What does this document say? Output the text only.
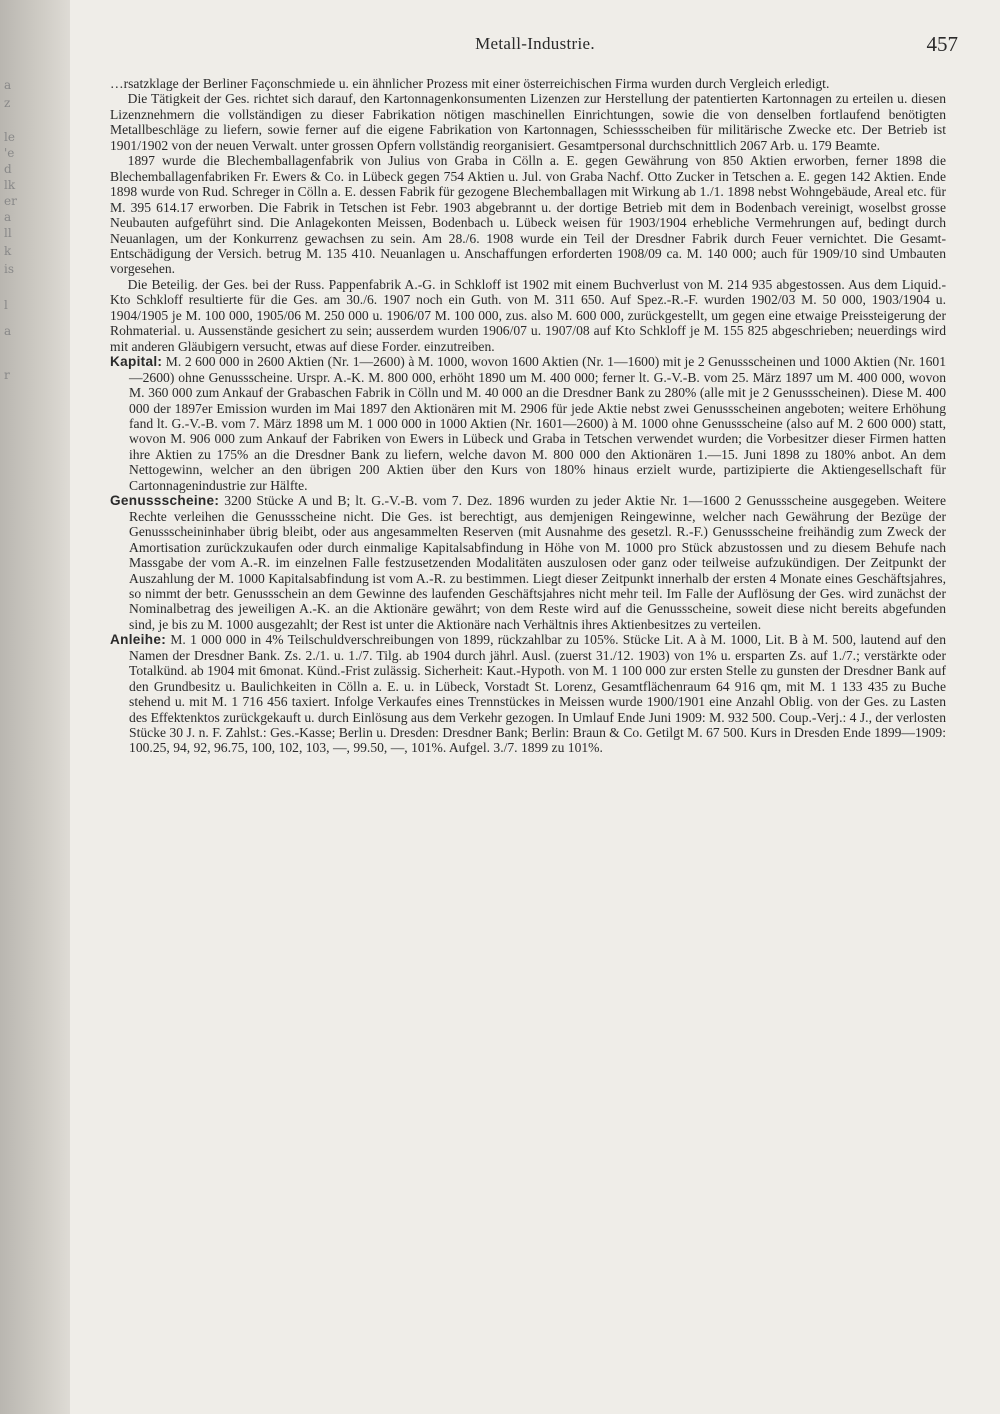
a
z
le
'e
d
lk
er
a
ll
k
is
l
a
r
Metall-Industrie.	457

…rsatzklage der Berliner Façonschmiede u. ein ähnlicher Prozess mit einer österreichischen Firma wurden durch Vergleich erledigt.

Die Tätigkeit der Ges. richtet sich darauf, den Kartonnagenkonsumenten Lizenzen zur Herstellung der patentierten Kartonnagen zu erteilen u. diesen Lizenznehmern die vollständigen zu dieser Fabrikation nötigen maschinellen Einrichtungen, sowie die von denselben fortlaufend benötigten Metallbeschläge zu liefern, sowie ferner auf die eigene Fabrikation von Kartonnagen, Schiessscheiben für militärische Zwecke etc. Der Betrieb ist 1901/1902 von der neuen Verwalt. unter grossen Opfern vollständig reorganisiert. Gesamtpersonal durchschnittlich 2067 Arb. u. 179 Beamte.

1897 wurde die Blechemballagenfabrik von Julius von Graba in Cölln a. E. gegen Gewährung von 850 Aktien erworben, ferner 1898 die Blechemballagenfabriken Fr. Ewers & Co. in Lübeck gegen 754 Aktien u. Jul. von Graba Nachf. Otto Zucker in Tetschen a. E. gegen 142 Aktien. Ende 1898 wurde von Rud. Schreger in Cölln a. E. dessen Fabrik für gezogene Blechemballagen mit Wirkung ab 1./1. 1898 nebst Wohngebäude, Areal etc. für M. 395 614.17 erworben. Die Fabrik in Tetschen ist Febr. 1903 abgebrannt u. der dortige Betrieb mit dem in Bodenbach vereinigt, woselbst grosse Neubauten aufgeführt sind. Die Anlagekonten Meissen, Bodenbach u. Lübeck weisen für 1903/1904 erhebliche Vermehrungen auf, bedingt durch Neuanlagen, um der Konkurrenz gewachsen zu sein. Am 28./6. 1908 wurde ein Teil der Dresdner Fabrik durch Feuer vernichtet. Die Gesamt-Entschädigung der Versich. betrug M. 135 410. Neuanlagen u. Anschaffungen erforderten 1908/09 ca. M. 140 000; auch für 1909/10 sind Umbauten vorgesehen.

Die Beteilig. der Ges. bei der Russ. Pappenfabrik A.-G. in Schkloff ist 1902 mit einem Buchverlust von M. 214 935 abgestossen. Aus dem Liquid.-Kto Schkloff resultierte für die Ges. am 30./6. 1907 noch ein Guth. von M. 311 650. Auf Spez.-R.-F. wurden 1902/03 M. 50 000, 1903/1904 u. 1904/1905 je M. 100 000, 1905/06 M. 250 000 u. 1906/07 M. 100 000, zus. also M. 600 000, zurückgestellt, um gegen eine etwaige Preissteigerung der Rohmaterial. u. Aussenstände gesichert zu sein; ausserdem wurden 1906/07 u. 1907/08 auf Kto Schkloff je M. 155 825 abgeschrieben; neuerdings wird mit anderen Gläubigern versucht, etwas auf diese Forder. einzutreiben.

Kapital: M. 2 600 000 in 2600 Aktien (Nr. 1—2600) à M. 1000, wovon 1600 Aktien (Nr. 1—1600) mit je 2 Genussscheinen und 1000 Aktien (Nr. 1601—2600) ohne Genussscheine. Urspr. A.-K. M. 800 000, erhöht 1890 um M. 400 000; ferner lt. G.-V.-B. vom 25. März 1897 um M. 400 000, wovon M. 360 000 zum Ankauf der Grabaschen Fabrik in Cölln und M. 40 000 an die Dresdner Bank zu 280% (alle mit je 2 Genussscheinen). Diese M. 400 000 der 1897er Emission wurden im Mai 1897 den Aktionären mit M. 2906 für jede Aktie nebst zwei Genussscheinen angeboten; weitere Erhöhung fand lt. G.-V.-B. vom 7. März 1898 um M. 1 000 000 in 1000 Aktien (Nr. 1601—2600) à M. 1000 ohne Genussscheine (also auf M. 2 600 000) statt, wovon M. 906 000 zum Ankauf der Fabriken von Ewers in Lübeck und Graba in Tetschen verwendet wurden; die Vorbesitzer dieser Firmen hatten ihre Aktien zu 175% an die Dresdner Bank zu liefern, welche davon M. 800 000 den Aktionären 1.—15. Juni 1898 zu 180% anbot. An dem Nettogewinn, welcher an den übrigen 200 Aktien über den Kurs von 180% hinaus erzielt wurde, partizipierte die Aktiengesellschaft für Cartonnagenindustrie zur Hälfte.

Genussscheine: 3200 Stücke A und B; lt. G.-V.-B. vom 7. Dez. 1896 wurden zu jeder Aktie Nr. 1—1600 2 Genussscheine ausgegeben. Weitere Rechte verleihen die Genussscheine nicht. Die Ges. ist berechtigt, aus demjenigen Reingewinne, welcher nach Gewährung der Bezüge der Genussscheininhaber übrig bleibt, oder aus angesammelten Reserven (mit Ausnahme des gesetzl. R.-F.) Genussscheine freihändig zum Zweck der Amortisation zurückzukaufen oder durch einmalige Kapitalsabfindung in Höhe von M. 1000 pro Stück abzustossen und zu diesem Behufe nach Massgabe der vom A.-R. im einzelnen Falle festzusetzenden Modalitäten auszulosen oder ganz oder teilweise aufzukündigen. Der Zeitpunkt der Auszahlung der M. 1000 Kapitalsabfindung ist vom A.-R. zu bestimmen. Liegt dieser Zeitpunkt innerhalb der ersten 4 Monate eines Geschäftsjahres, so nimmt der betr. Genussschein an dem Gewinne des laufenden Geschäftsjahres nicht mehr teil. Im Falle der Auflösung der Ges. wird zunächst der Nominalbetrag des jeweiligen A.-K. an die Aktionäre gewährt; von dem Reste wird auf die Genussscheine, soweit diese nicht bereits abgefunden sind, je bis zu M. 1000 ausgezahlt; der Rest ist unter die Aktionäre nach Verhältnis ihres Aktienbesitzes zu verteilen.

Anleihe: M. 1 000 000 in 4% Teilschuldverschreibungen von 1899, rückzahlbar zu 105%. Stücke Lit. A à M. 1000, Lit. B à M. 500, lautend auf den Namen der Dresdner Bank. Zs. 2./1. u. 1./7. Tilg. ab 1904 durch jährl. Ausl. (zuerst 31./12. 1903) von 1% u. ersparten Zs. auf 1./7.; verstärkte oder Totalkünd. ab 1904 mit 6monat. Künd.-Frist zulässig. Sicherheit: Kaut.-Hypoth. von M. 1 100 000 zur ersten Stelle zu gunsten der Dresdner Bank auf den Grundbesitz u. Baulichkeiten in Cölln a. E. u. in Lübeck, Vorstadt St. Lorenz, Gesamtflächenraum 64 916 qm, mit M. 1 133 435 zu Buche stehend u. mit M. 1 716 456 taxiert. Infolge Verkaufes eines Trennstückes in Meissen wurde 1900/1901 eine Anzahl Oblig. von der Ges. zu Lasten des Effektenktos zurückgekauft u. durch Einlösung aus dem Verkehr gezogen. In Umlauf Ende Juni 1909: M. 932 500. Coup.-Verj.: 4 J., der verlosten Stücke 30 J. n. F. Zahlst.: Ges.-Kasse; Berlin u. Dresden: Dresdner Bank; Berlin: Braun & Co. Getilgt M. 67 500. Kurs in Dresden Ende 1899—1909: 100.25, 94, 92, 96.75, 100, 102, 103, —, 99.50, —, 101%. Aufgel. 3./7. 1899 zu 101%.
